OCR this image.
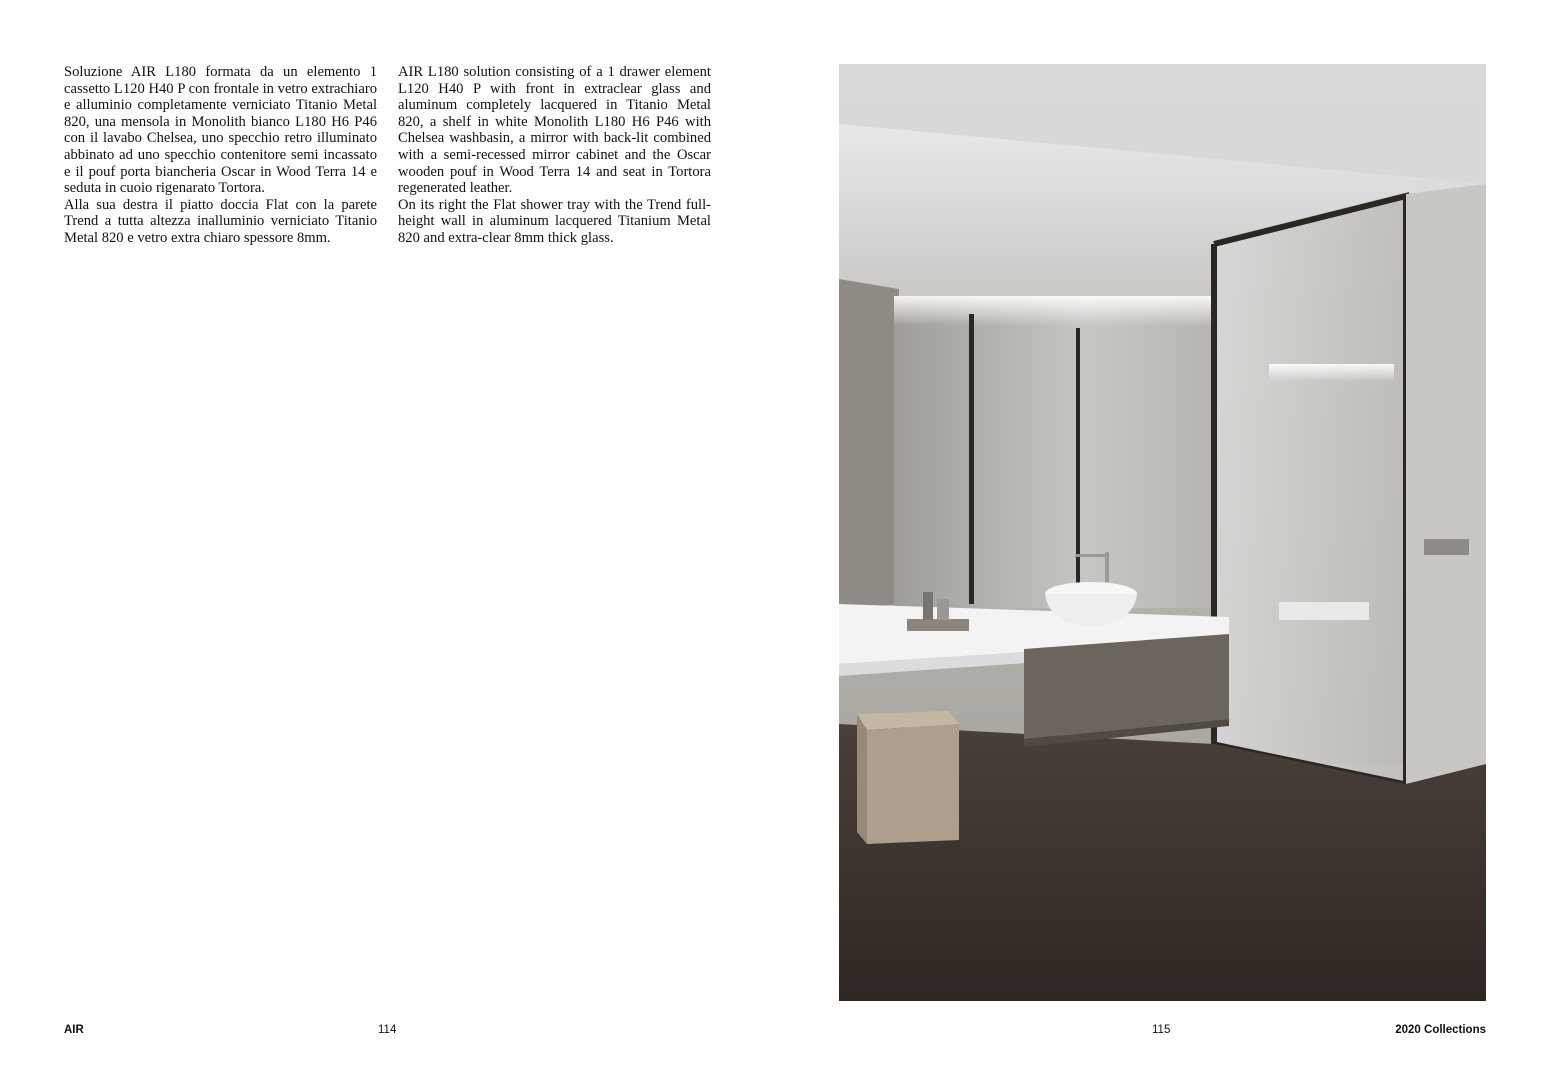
Soluzione AIR L180 formata da un elemento 1 cassetto L120 H40 P con frontale in vetro extrachiaro e alluminio completamente verniciato Titanio Metal 820, una mensola in Monolith bianco L180 H6 P46 con il lavabo Chelsea, uno specchio retro illuminato abbinato ad uno specchio contenitore semi incassato e il pouf porta biancheria Oscar in Wood Terra 14 e seduta in cuoio rigenarato Tortora.

Alla sua destra il piatto doccia Flat con la parete Trend a tutta altezza inalluminio verniciato Titanio Metal 820 e vetro extra chiaro spessore 8mm.

AIR L180 solution consisting of a 1 drawer element L120 H40 P with front in extraclear glass and aluminum completely lacquered in Titanio Metal 820, a shelf in white Monolith L180 H6 P46 with Chelsea washbasin, a mirror with back-lit combined with a semi-recessed mirror cabinet and the Oscar wooden pouf in Wood Terra 14 and seat in Tortora regenerated leather.

On its right the Flat shower tray with the Trend full-height wall in aluminum lacquered Titanium Metal 820 and extra-clear 8mm thick glass.

AIR	114	115	2020 Collections
